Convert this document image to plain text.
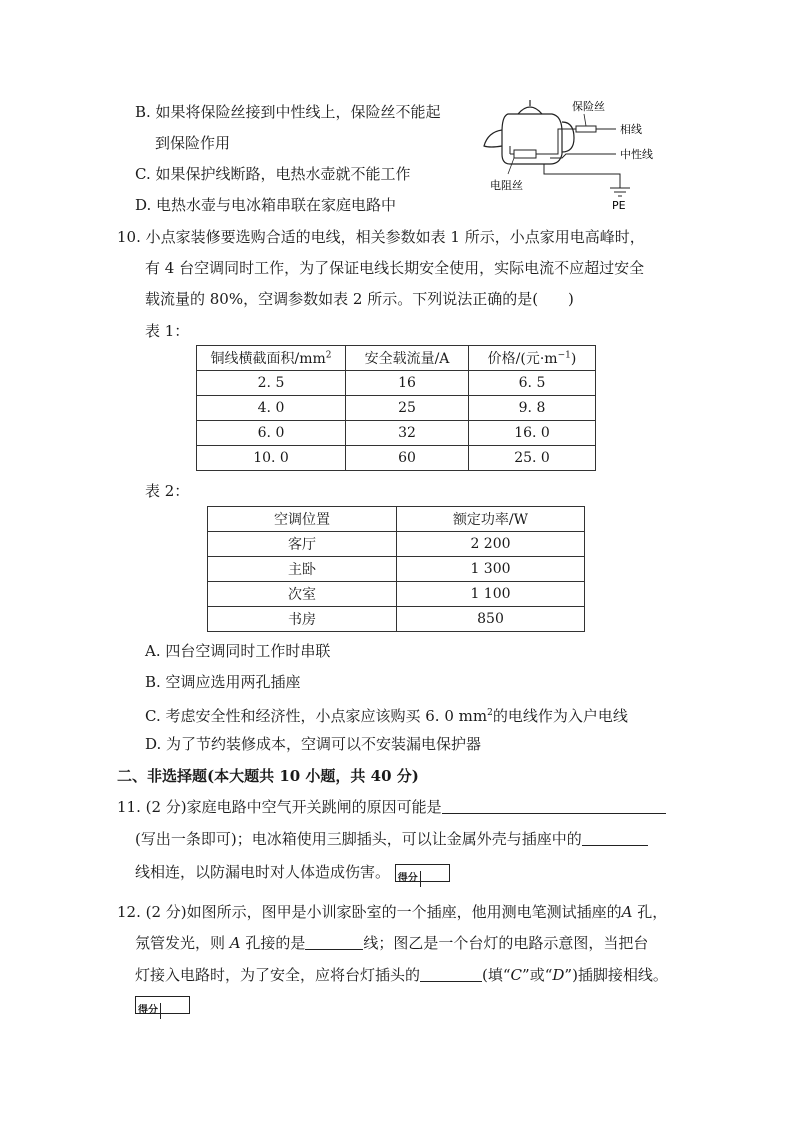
B. 如果将保险丝接到中性线上，保险丝不能起
到保险作用
C. 如果保护线断路，电热水壶就不能工作
D. 电热水壶与电冰箱串联在家庭电路中
保险丝
相线
中性线
电阻丝
PE
10. 小点家装修要选购合适的电线，相关参数如表 1 所示，小点家用电高峰时，
有 4 台空调同时工作，为了保证电线长期安全使用，实际电流不应超过安全
载流量的 80%，空调参数如表 2 所示。下列说法正确的是(　　)
表 1：
铜线横截面积$/mm^2$	安全载流量/A	价格/(元$\cdot m^{-1}$)
2. 5	16	6. 5
4. 0	25	9. 8
6. 0	32	16. 0
10. 0	60	25. 0
表 2：
空调位置	额定功率/W
客厅	2 200
主卧	1 300
次室	1 100
书房	850
A. 四台空调同时工作时串联
B. 空调应选用两孔插座
C. 考虑安全性和经济性，小点家应该购买 6. 0 $mm^2$的电线作为入户电线
D. 为了节约装修成本，空调可以不安装漏电保护器
二、非选择题(本大题共 10 小题，共 40 分)
11. (2 分)家庭电路中空气开关跳闸的原因可能是
(写出一条即可)；电冰箱使用三脚插头，可以让金属外壳与插座中的
线相连，以防漏电时对人体造成伤害。 得分
12. (2 分)如图所示，图甲是小训家卧室的一个插座，他用测电笔测试插座的A 孔，
氖管发光，则 A 孔接的是	线；图乙是一个台灯的电路示意图，当把台
灯接入电路时，为了安全，应将台灯插头的	(填“C”或“D”)插脚接相线。
得分
